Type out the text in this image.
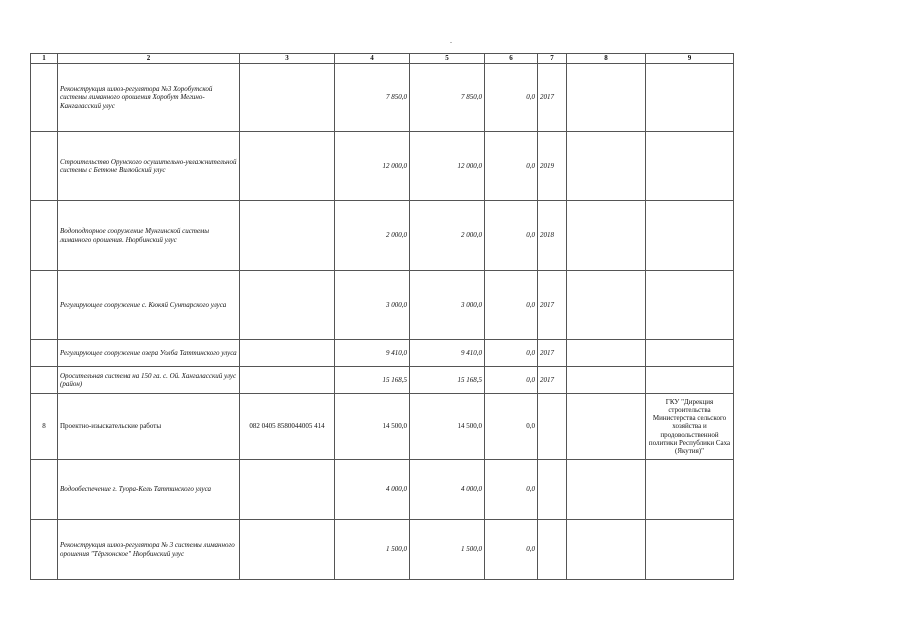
-
1	2	3	4	5	6	7	8	9
	Реконструкция шлюз-регулятора №3 Хоробутской системы лиманного орошения Хоробут Мегино-Кангаласский улус		7 850,0	7 850,0	0,0	2017		
	Строительство Орунского осушительно-увлажнительной системы с Бетюне Вилюйский улус		12 000,0	12 000,0	0,0	2019		
	Водоподпорное сооружение Мунгинской системы лиманного орошения. Нюрбинский улус		2 000,0	2 000,0	0,0	2018		
	Регулирующее сооружение с. Кюкяй Сунтарского улуса		3 000,0	3 000,0	0,0	2017		
	Регулирующее сооружение озера Уолба Таттинского улуса		9 410,0	9 410,0	0,0	2017		
	Оросительная система на 150 га. с. Ой. Хангаласский улус (район)		15 168,5	15 168,5	0,0	2017		
8	Проектно-изыскательские работы	082 0405 8580044005 414	14 500,0	14 500,0	0,0			ГКУ "Дирекция строительства Министерства сельского хозяйства и продовольственной политики Республики Саха (Якутия)"
	Водообеспечение г. Туора-Кель Таттинского улуса		4 000,0	4 000,0	0,0			
	Реконструкция шлюз-регулятора № 3 системы лиманного орошения "Тёргюнское" Нюрбинский улус		1 500,0	1 500,0	0,0			
